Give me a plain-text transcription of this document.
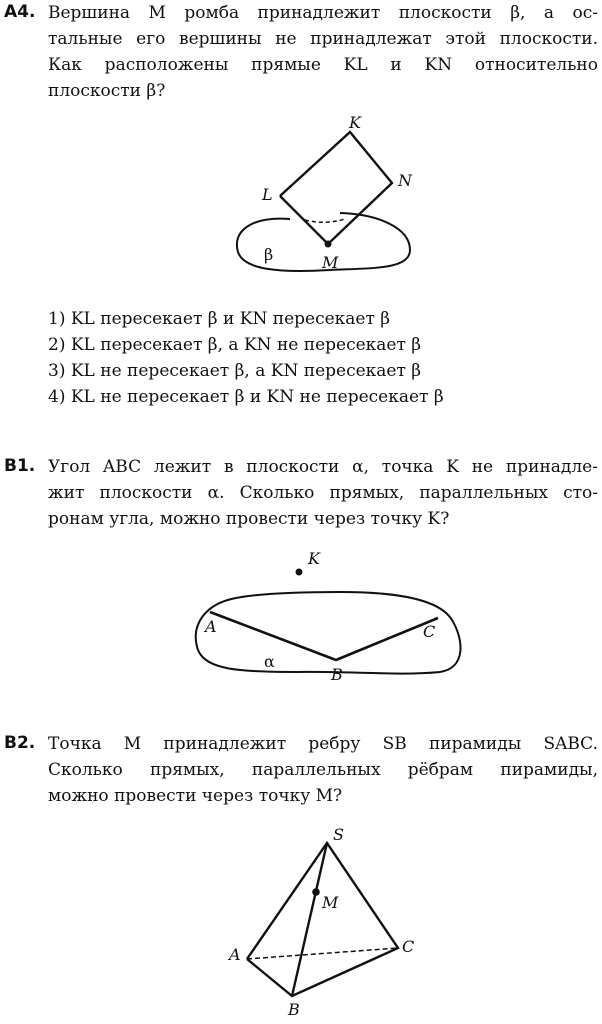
A4. Вершина M ромба принадлежит плоскости β, а ос-
тальные его вершины не принадлежат этой плоскости.
Как расположены прямые KL и KN относительно
плоскости β?
K
L
N
M
β
K
A
B
C
α
S
M
A
B
C
1) KL пересекает β и KN пересекает β
2) KL пересекает β, а KN не пересекает β
3) KL не пересекает β, а KN пересекает β
4) KL не пересекает β и KN не пересекает β
B1. Угол ABC лежит в плоскости α, точка K не принадле-
жит плоскости α. Сколько прямых, параллельных сто-
ронам угла, можно провести через точку K?
B2. Точка M принадлежит ребру SB пирамиды SABC.
Сколько прямых, параллельных рёбрам пирамиды,
можно провести через точку M?
